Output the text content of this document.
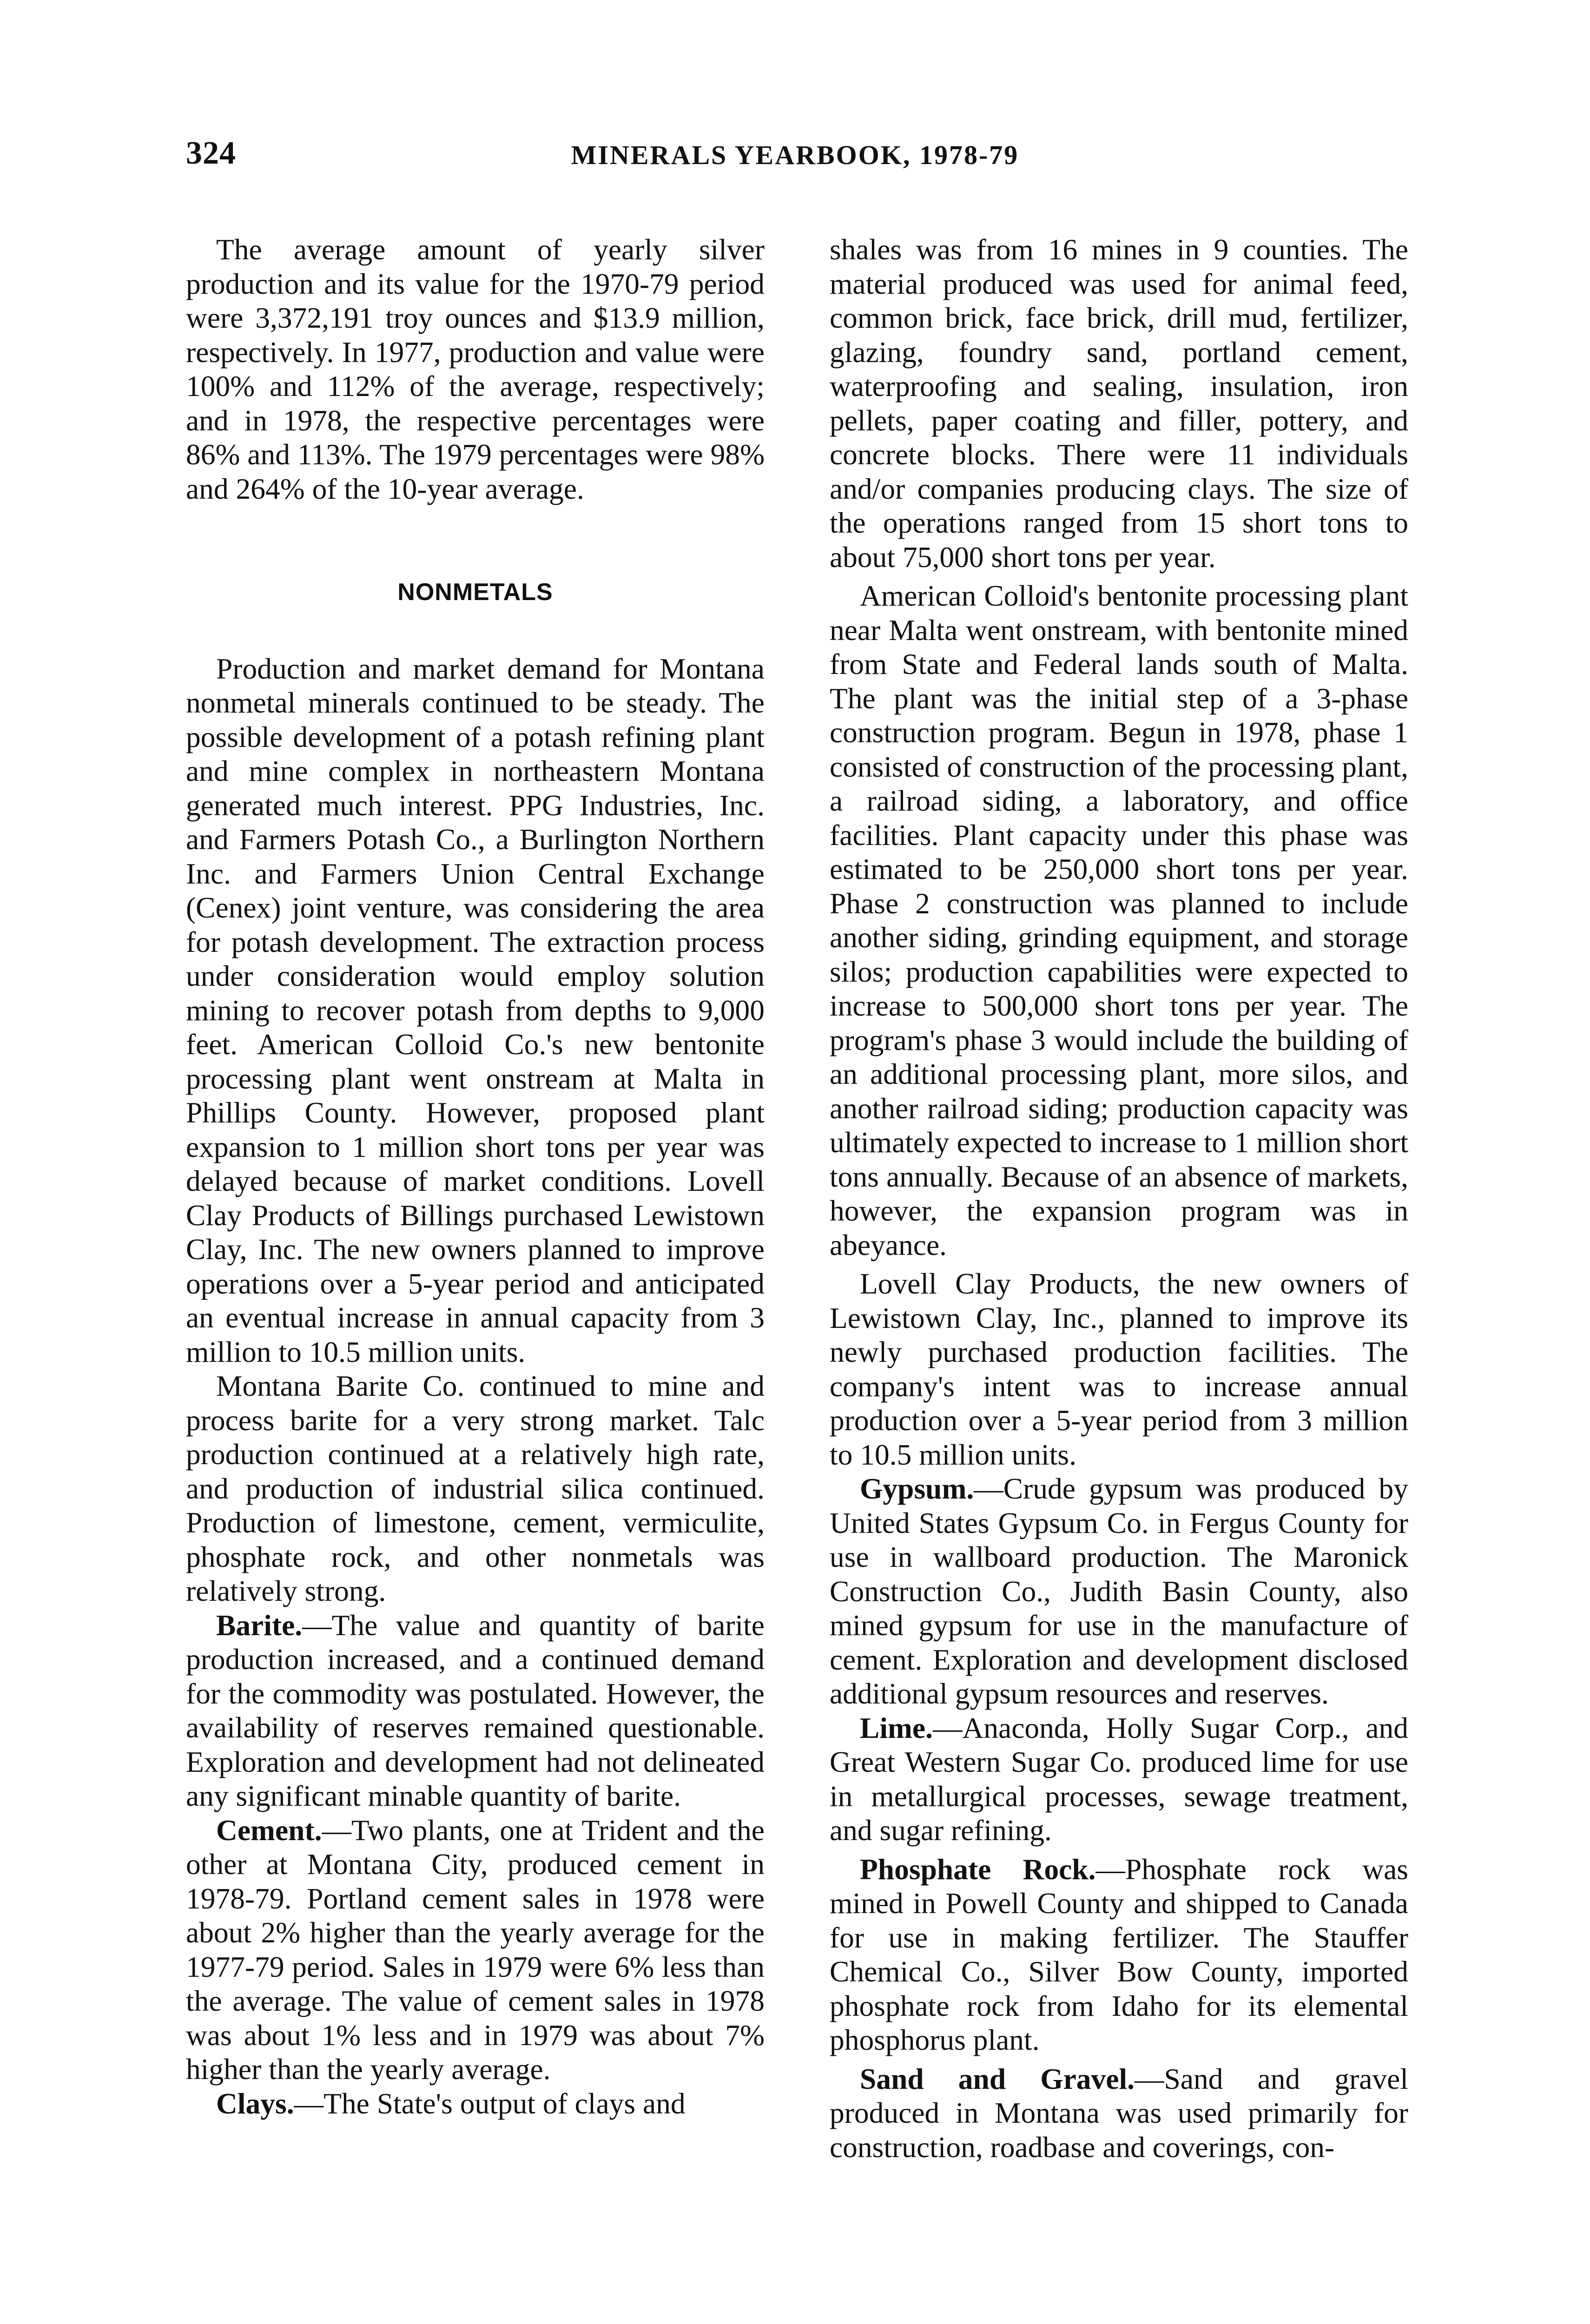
324	MINERALS YEARBOOK, 1978-79

The average amount of yearly silver production and its value for the 1970-79 period were 3,372,191 troy ounces and $13.9 million, respectively. In 1977, production and value were 100% and 112% of the average, respectively; and in 1978, the respective percentages were 86% and 113%. The 1979 percentages were 98% and 264% of the 10-year average.

NONMETALS

Production and market demand for Montana nonmetal minerals continued to be steady. The possible development of a potash refining plant and mine complex in northeastern Montana generated much interest. PPG Industries, Inc. and Farmers Potash Co., a Burlington Northern Inc. and Farmers Union Central Exchange (Cenex) joint venture, was considering the area for potash development. The extraction process under consideration would employ solution mining to recover potash from depths to 9,000 feet. American Colloid Co.'s new bentonite processing plant went onstream at Malta in Phillips County. However, proposed plant expansion to 1 million short tons per year was delayed because of market conditions. Lovell Clay Products of Billings purchased Lewistown Clay, Inc. The new owners planned to improve operations over a 5-year period and anticipated an eventual increase in annual capacity from 3 million to 10.5 million units.

Montana Barite Co. continued to mine and process barite for a very strong market. Talc production continued at a relatively high rate, and production of industrial silica continued. Production of limestone, cement, vermiculite, phosphate rock, and other nonmetals was relatively strong.

Barite.—The value and quantity of barite production increased, and a continued demand for the commodity was postulated. However, the availability of reserves remained questionable. Exploration and development had not delineated any significant minable quantity of barite.

Cement.—Two plants, one at Trident and the other at Montana City, produced cement in 1978-79. Portland cement sales in 1978 were about 2% higher than the yearly average for the 1977-79 period. Sales in 1979 were 6% less than the average. The value of cement sales in 1978 was about 1% less and in 1979 was about 7% higher than the yearly average.

Clays.—The State's output of clays and

shales was from 16 mines in 9 counties. The material produced was used for animal feed, common brick, face brick, drill mud, fertilizer, glazing, foundry sand, portland cement, waterproofing and sealing, insulation, iron pellets, paper coating and filler, pottery, and concrete blocks. There were 11 individuals and/or companies producing clays. The size of the operations ranged from 15 short tons to about 75,000 short tons per year.

American Colloid's bentonite processing plant near Malta went onstream, with bentonite mined from State and Federal lands south of Malta. The plant was the initial step of a 3-phase construction program. Begun in 1978, phase 1 consisted of construction of the processing plant, a railroad siding, a laboratory, and office facilities. Plant capacity under this phase was estimated to be 250,000 short tons per year. Phase 2 construction was planned to include another siding, grinding equipment, and storage silos; production capabilities were expected to increase to 500,000 short tons per year. The program's phase 3 would include the building of an additional processing plant, more silos, and another railroad siding; production capacity was ultimately expected to increase to 1 million short tons annually. Because of an absence of markets, however, the expansion program was in abeyance.

Lovell Clay Products, the new owners of Lewistown Clay, Inc., planned to improve its newly purchased production facilities. The company's intent was to increase annual production over a 5-year period from 3 million to 10.5 million units.

Gypsum.—Crude gypsum was produced by United States Gypsum Co. in Fergus County for use in wallboard production. The Maronick Construction Co., Judith Basin County, also mined gypsum for use in the manufacture of cement. Exploration and development disclosed additional gypsum resources and reserves.

Lime.—Anaconda, Holly Sugar Corp., and Great Western Sugar Co. produced lime for use in metallurgical processes, sewage treatment, and sugar refining.

Phosphate Rock.—Phosphate rock was mined in Powell County and shipped to Canada for use in making fertilizer. The Stauffer Chemical Co., Silver Bow County, imported phosphate rock from Idaho for its elemental phosphorus plant.

Sand and Gravel.—Sand and gravel produced in Montana was used primarily for construction, roadbase and coverings, con-
